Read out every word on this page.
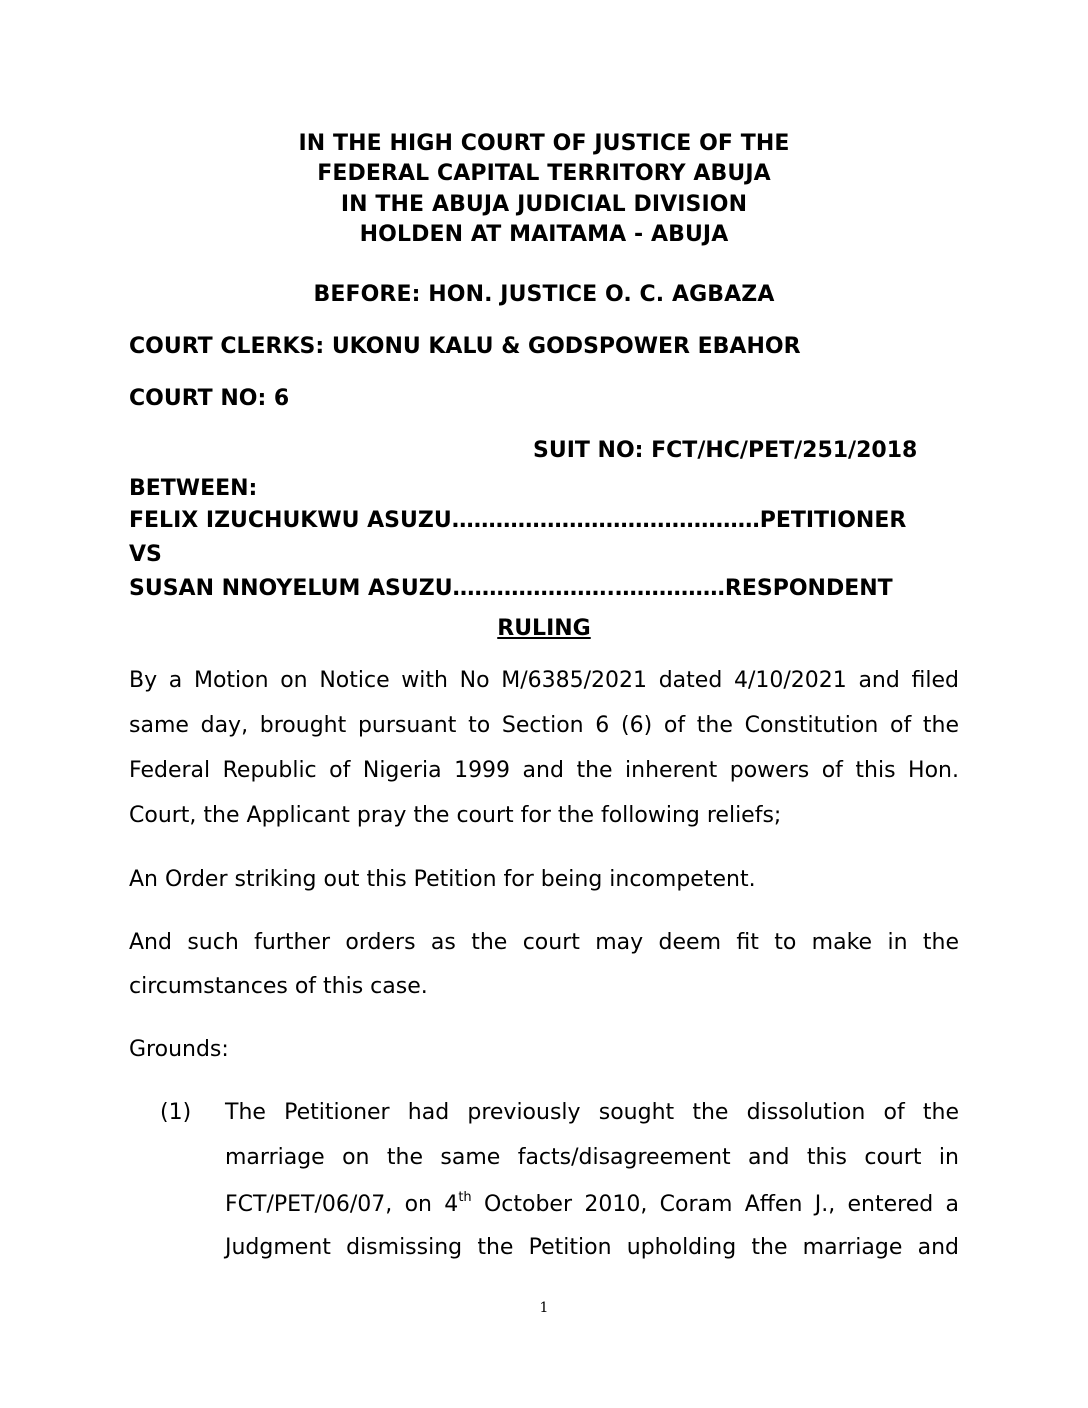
IN THE HIGH COURT OF JUSTICE OF THE
FEDERAL CAPITAL TERRITORY ABUJA
IN THE ABUJA JUDICIAL DIVISION
HOLDEN AT MAITAMA - ABUJA
BEFORE: HON. JUSTICE O. C. AGBAZA
COURT CLERKS: UKONU KALU & GODSPOWER EBAHOR
COURT NO: 6
SUIT NO: FCT/HC/PET/251/2018
BETWEEN:
FELIX IZUCHUKWU ASUZU……………………………………PETITIONER
VS
SUSAN NNOYELUM ASUZU………………….……………RESPONDENT
RULING
By a Motion on Notice with No M/6385/2021 dated 4/10/2021 and filed
same day, brought pursuant to Section 6 (6) of the Constitution of the
Federal Republic of Nigeria 1999 and the inherent powers of this Hon.
Court, the Applicant pray the court for the following reliefs;
An Order striking out this Petition for being incompetent.
And such further orders as the court may deem fit to make in the
circumstances of this case.
Grounds:
(1) The Petitioner had previously sought the dissolution of the
marriage on the same facts/disagreement and this court in
FCT/PET/06/07, on 4th October 2010, Coram Affen J., entered a
Judgment dismissing the Petition upholding the marriage and
1
